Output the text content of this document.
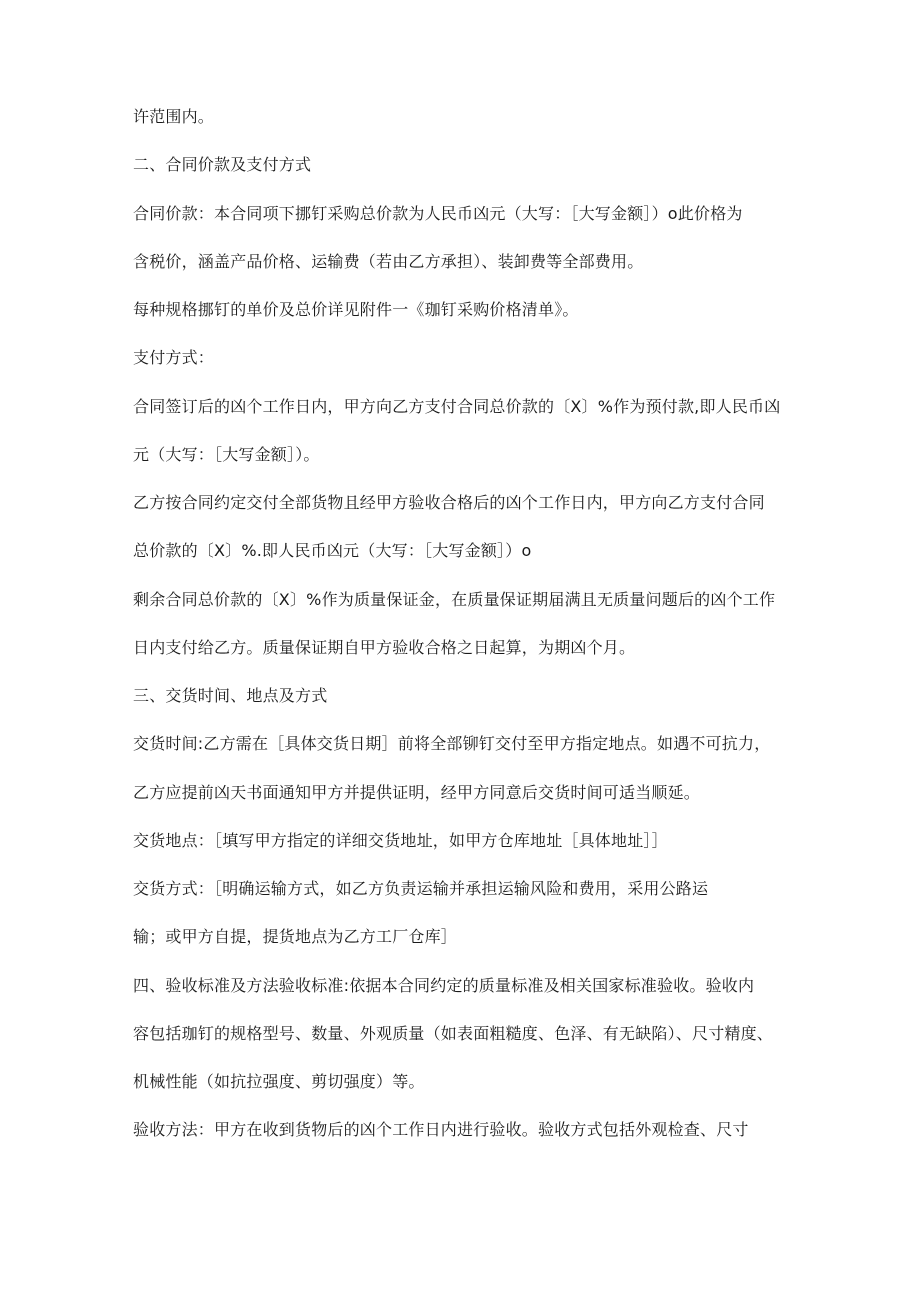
许范围内。
二、合同价款及支付方式
合同价款：本合同项下挪钉采购总价款为人民币凶元（大写：［大写金额］）o此价格为
含税价，涵盖产品价格、运输费（若由乙方承担）、装卸费等全部费用。
每种规格挪钉的单价及总价详见附件一《珈钉采购价格清单》。
支付方式：
合同签订后的凶个工作日内，甲方向乙方支付合同总价款的〔X〕%作为预付款,即人民币凶
元（大写：［大写金额］）。
乙方按合同约定交付全部货物且经甲方验收合格后的凶个工作日内，甲方向乙方支付合同
总价款的〔X〕%.即人民币凶元（大写：［大写金额］）o
剩余合同总价款的〔X〕%作为质量保证金，在质量保证期届满且无质量问题后的凶个工作
日内支付给乙方。质量保证期自甲方验收合格之日起算，为期凶个月。
三、交货时间、地点及方式
交货时间:乙方需在［具体交货日期］前将全部铆钉交付至甲方指定地点。如遇不可抗力，
乙方应提前凶天书面通知甲方并提供证明，经甲方同意后交货时间可适当顺延。
交货地点：［填写甲方指定的详细交货地址，如甲方仓库地址［具体地址］］
交货方式：［明确运输方式，如乙方负责运输并承担运输风险和费用，采用公路运
输；或甲方自提，提货地点为乙方工厂仓库］
四、验收标准及方法验收标准:依据本合同约定的质量标准及相关国家标准验收。验收内
容包括珈钉的规格型号、数量、外观质量（如表面粗糙度、色泽、有无缺陷）、尺寸精度、
机械性能（如抗拉强度、剪切强度）等。
验收方法：甲方在收到货物后的凶个工作日内进行验收。验收方式包括外观检查、尺寸
